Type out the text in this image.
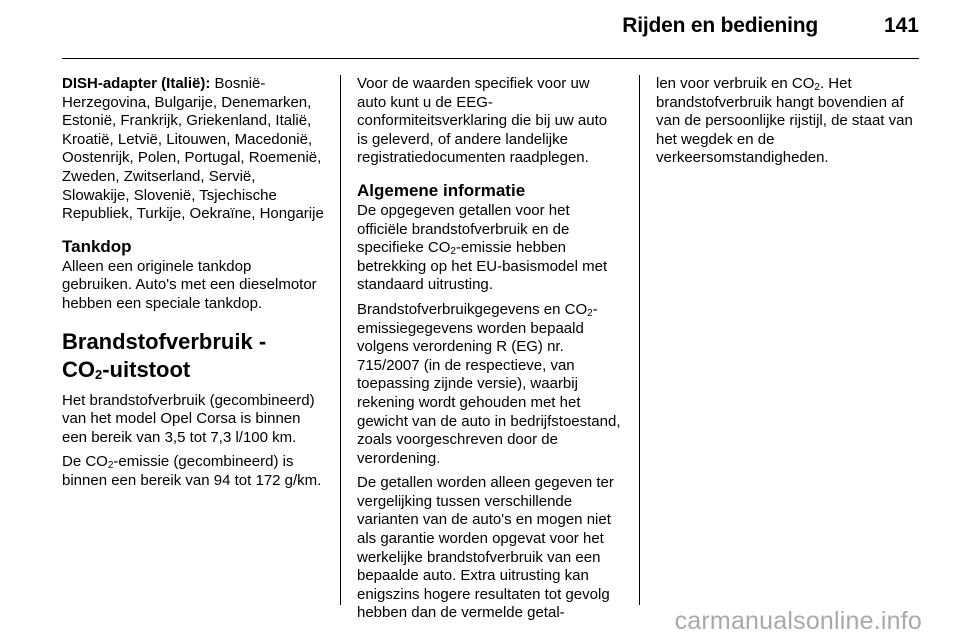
Rijden en bediening	141

DISH-adapter (Italië): Bosnië-Herzegovina, Bulgarije, Denemarken, Estonië, Frankrijk, Griekenland, Italië, Kroatië, Letvië, Litouwen, Macedonië, Oostenrijk, Polen, Portugal, Roemenië, Zweden, Zwitserland, Servië, Slowakije, Slovenië, Tsjechische Republiek, Turkije, Oekraïne, Hongarije

Tankdop

Alleen een originele tankdop gebruiken. Auto's met een dieselmotor hebben een speciale tankdop.

Brandstofverbruik -
$CO_2$-uitstoot

Het brandstofverbruik (gecombineerd) van het model Opel Corsa is binnen een bereik van 3,5 tot 7,3 l/100 km.

De $CO_2$-emissie (gecombineerd) is binnen een bereik van 94 tot 172 g/km.

Voor de waarden specifiek voor uw auto kunt u de EEG-conformiteitsverklaring die bij uw auto is geleverd, of andere landelijke registratiedocumenten raadplegen.

Algemene informatie

De opgegeven getallen voor het officiële brandstofverbruik en de specifieke $CO_2$-emissie hebben betrekking op het EU-basismodel met standaard uitrusting.

Brandstofverbruikgegevens en $CO_2$-emissiegegevens worden bepaald volgens verordening R (EG) nr. 715/2007 (in de respectieve, van toepassing zijnde versie), waarbij rekening wordt gehouden met het gewicht van de auto in bedrijfstoestand, zoals voorgeschreven door de verordening.

De getallen worden alleen gegeven ter vergelijking tussen verschillende varianten van de auto's en mogen niet als garantie worden opgevat voor het werkelijke brandstofverbruik van een bepaalde auto. Extra uitrusting kan enigszins hogere resultaten tot gevolg hebben dan de vermelde getal-

len voor verbruik en $CO_2$. Het brandstofverbruik hangt bovendien af van de persoonlijke rijstijl, de staat van het wegdek en de verkeersomstandigheden.

carmanualsonline.info
